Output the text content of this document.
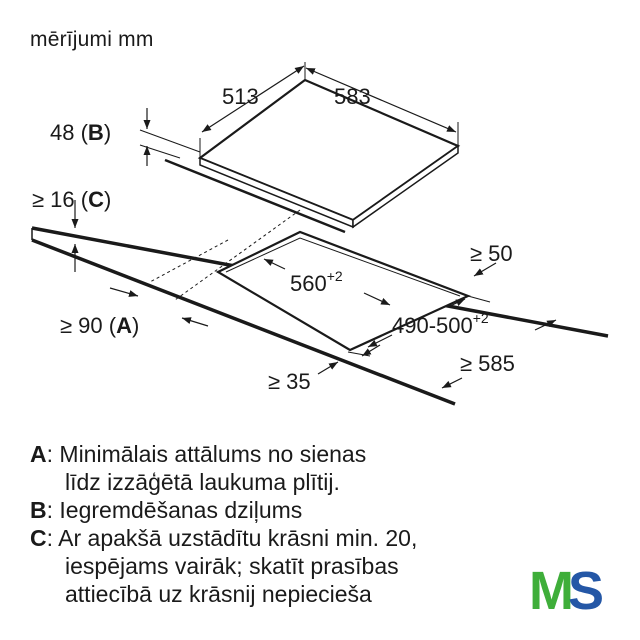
mērījumi mm
513	583
48 (B)
≥ 16 (C)
≥ 50
$560^{+2}$
$490-500^{+2}$
≥ 90 (A)
≥ 585
≥ 35
A : Minimālais attālums no sienas
līdz izzāģētā laukuma plītij.
B : Iegremdēšanas dziļums
C : Ar apakšā uzstādītu krāsni min. 20,
iespējams vairāk; skatīt prasības
attiecībā uz krāsnij nepieciešа	MS
